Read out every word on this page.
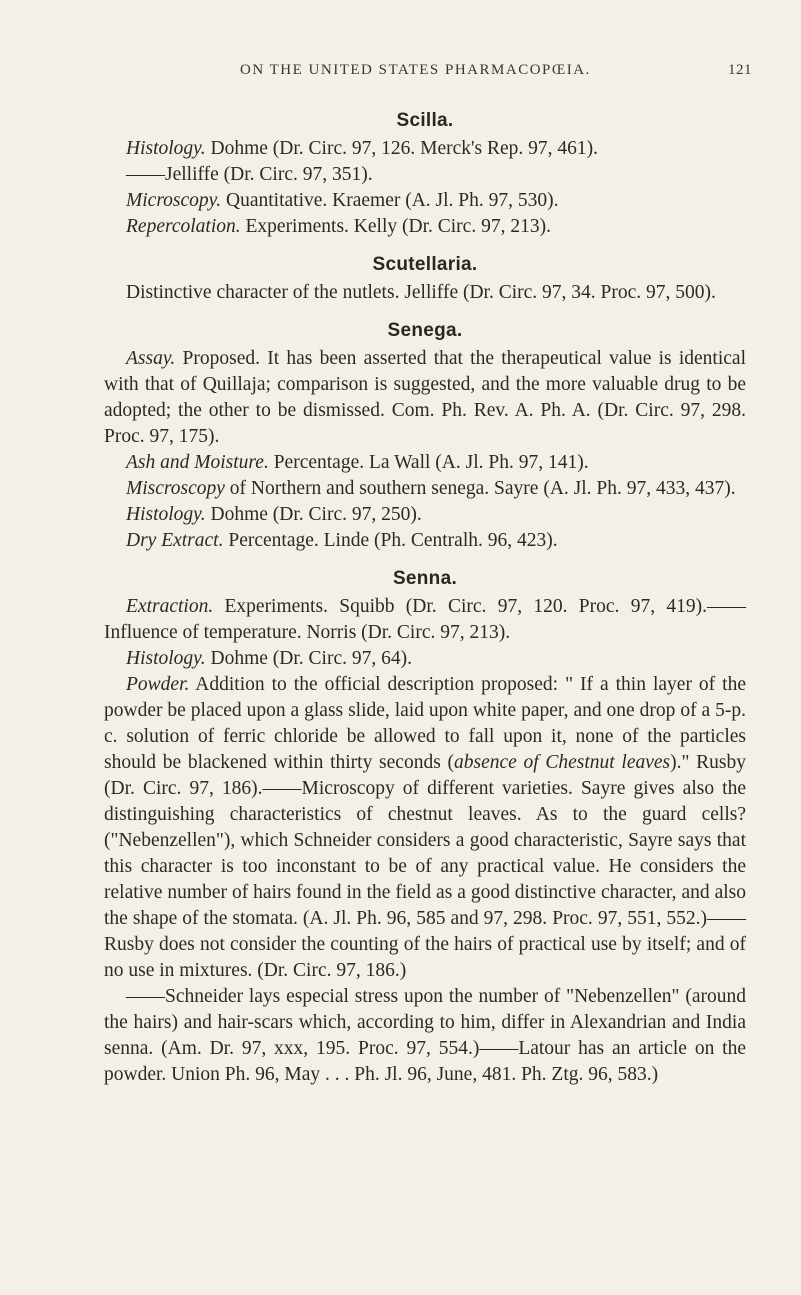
ON THE UNITED STATES PHARMACOPŒIA.	121
Scilla.

Histology. Dohme (Dr. Circ. 97, 126. Merck's Rep. 97, 461).

——Jelliffe (Dr. Circ. 97, 351).

Microscopy. Quantitative. Kraemer (A. Jl. Ph. 97, 530).

Repercolation. Experiments. Kelly (Dr. Circ. 97, 213).

Scutellaria.

Distinctive character of the nutlets. Jelliffe (Dr. Circ. 97, 34. Proc. 97, 500).

Senega.

Assay. Proposed. It has been asserted that the therapeutical value is identical with that of Quillaja; comparison is suggested, and the more valuable drug to be adopted; the other to be dismissed. Com. Ph. Rev. A. Ph. A. (Dr. Circ. 97, 298. Proc. 97, 175).

Ash and Moisture. Percentage. La Wall (A. Jl. Ph. 97, 141).

Miscroscopy of Northern and southern senega. Sayre (A. Jl. Ph. 97, 433, 437).

Histology. Dohme (Dr. Circ. 97, 250).

Dry Extract. Percentage. Linde (Ph. Centralh. 96, 423).

Senna.

Extraction. Experiments. Squibb (Dr. Circ. 97, 120. Proc. 97, 419).——Influence of temperature. Norris (Dr. Circ. 97, 213).

Histology. Dohme (Dr. Circ. 97, 64).

Powder. Addition to the official description proposed: " If a thin layer of the powder be placed upon a glass slide, laid upon white paper, and one drop of a 5-p. c. solution of ferric chloride be allowed to fall upon it, none of the particles should be blackened within thirty seconds (absence of Chestnut leaves)." Rusby (Dr. Circ. 97, 186).——Microscopy of different varieties. Sayre gives also the distinguishing characteristics of chestnut leaves. As to the guard cells? ("Nebenzellen"), which Schneider considers a good characteristic, Sayre says that this character is too inconstant to be of any practical value. He considers the relative number of hairs found in the field as a good distinctive character, and also the shape of the stomata. (A. Jl. Ph. 96, 585 and 97, 298. Proc. 97, 551, 552.)——Rusby does not consider the counting of the hairs of practical use by itself; and of no use in mixtures. (Dr. Circ. 97, 186.)

——Schneider lays especial stress upon the number of "Nebenzellen" (around the hairs) and hair-scars which, according to him, differ in Alexandrian and India senna. (Am. Dr. 97, xxx, 195. Proc. 97, 554.)——Latour has an article on the powder. Union Ph. 96, May . . . Ph. Jl. 96, June, 481. Ph. Ztg. 96, 583.)
